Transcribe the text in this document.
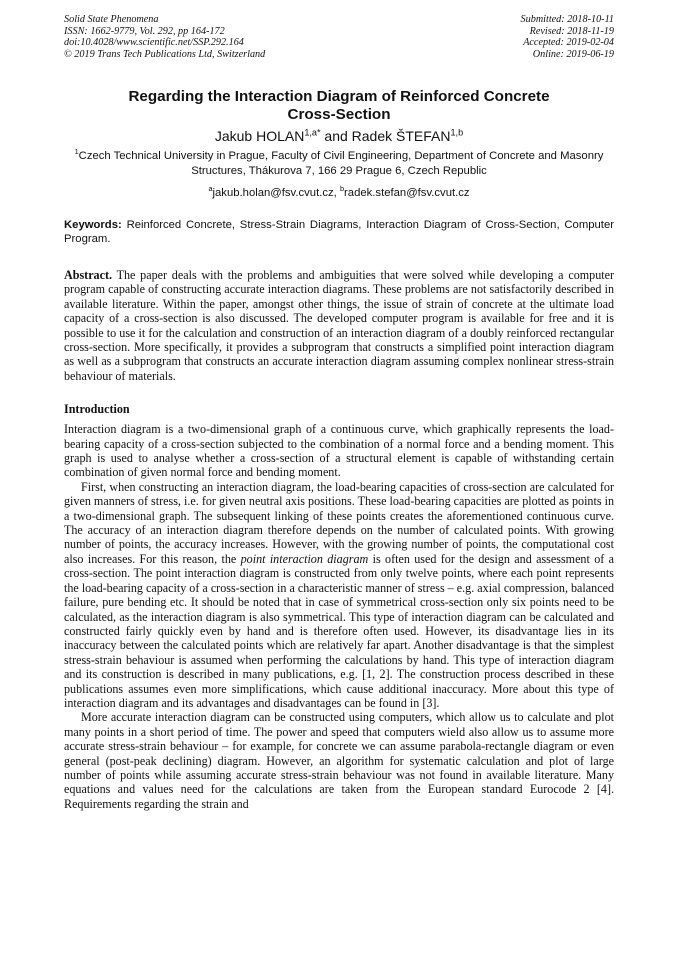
Solid State Phenomena
ISSN: 1662-9779, Vol. 292, pp 164-172
doi:10.4028/www.scientific.net/SSP.292.164
© 2019 Trans Tech Publications Ltd, Switzerland
Submitted: 2018-10-11
Revised: 2018-11-19
Accepted: 2019-02-04
Online: 2019-06-19
Regarding the Interaction Diagram of Reinforced Concrete
Cross-Section
Jakub $HOLAN^{1,a*}$ and Radek ŠTEFAN$^{1,b}$
$^1$Czech Technical University in Prague, Faculty of Civil Engineering, Department of Concrete and Masonry Structures, Thákurova 7, 166 29 Prague 6, Czech Republic
$^a$jakub.holan@fsv.cvut.cz, $^b$radek.stefan@fsv.cvut.cz
Keywords: Reinforced Concrete, Stress-Strain Diagrams, Interaction Diagram of Cross-Section, Computer Program.
Abstract. The paper deals with the problems and ambiguities that were solved while developing a computer program capable of constructing accurate interaction diagrams. These problems are not satisfactorily described in available literature. Within the paper, amongst other things, the issue of strain of concrete at the ultimate load capacity of a cross-section is also discussed. The developed computer program is available for free and it is possible to use it for the calculation and construction of an interaction diagram of a doubly reinforced rectangular cross-section. More specifically, it provides a subprogram that constructs a simplified point interaction diagram as well as a subprogram that constructs an accurate interaction diagram assuming complex nonlinear stress-strain behaviour of materials.
Introduction

Interaction diagram is a two-dimensional graph of a continuous curve, which graphically represents the load-bearing capacity of a cross-section subjected to the combination of a normal force and a bending moment. This graph is used to analyse whether a cross-section of a structural element is capable of withstanding certain combination of given normal force and bending moment.

First, when constructing an interaction diagram, the load-bearing capacities of cross-section are calculated for given manners of stress, i.e. for given neutral axis positions. These load-bearing capacities are plotted as points in a two-dimensional graph. The subsequent linking of these points creates the aforementioned continuous curve. The accuracy of an interaction diagram therefore depends on the number of calculated points. With growing number of points, the accuracy increases. However, with the growing number of points, the computational cost also increases. For this reason, the point interaction diagram is often used for the design and assessment of a cross-section. The point interaction diagram is constructed from only twelve points, where each point represents the load-bearing capacity of a cross-section in a characteristic manner of stress – e.g. axial compression, balanced failure, pure bending etc. It should be noted that in case of symmetrical cross-section only six points need to be calculated, as the interaction diagram is also symmetrical. This type of interaction diagram can be calculated and constructed fairly quickly even by hand and is therefore often used. However, its disadvantage lies in its inaccuracy between the calculated points which are relatively far apart. Another disadvantage is that the simplest stress-strain behaviour is assumed when performing the calculations by hand. This type of interaction diagram and its construction is described in many publications, e.g. [1, 2]. The construction process described in these publications assumes even more simplifications, which cause additional inaccuracy. More about this type of interaction diagram and its advantages and disadvantages can be found in [3].

More accurate interaction diagram can be constructed using computers, which allow us to calculate and plot many points in a short period of time. The power and speed that computers wield also allow us to assume more accurate stress-strain behaviour – for example, for concrete we can assume parabola-rectangle diagram or even general (post-peak declining) diagram. However, an algorithm for systematic calculation and plot of large number of points while assuming accurate stress-strain behaviour was not found in available literature. Many equations and values need for the calculations are taken from the European standard Eurocode 2 [4]. Requirements regarding the strain and
